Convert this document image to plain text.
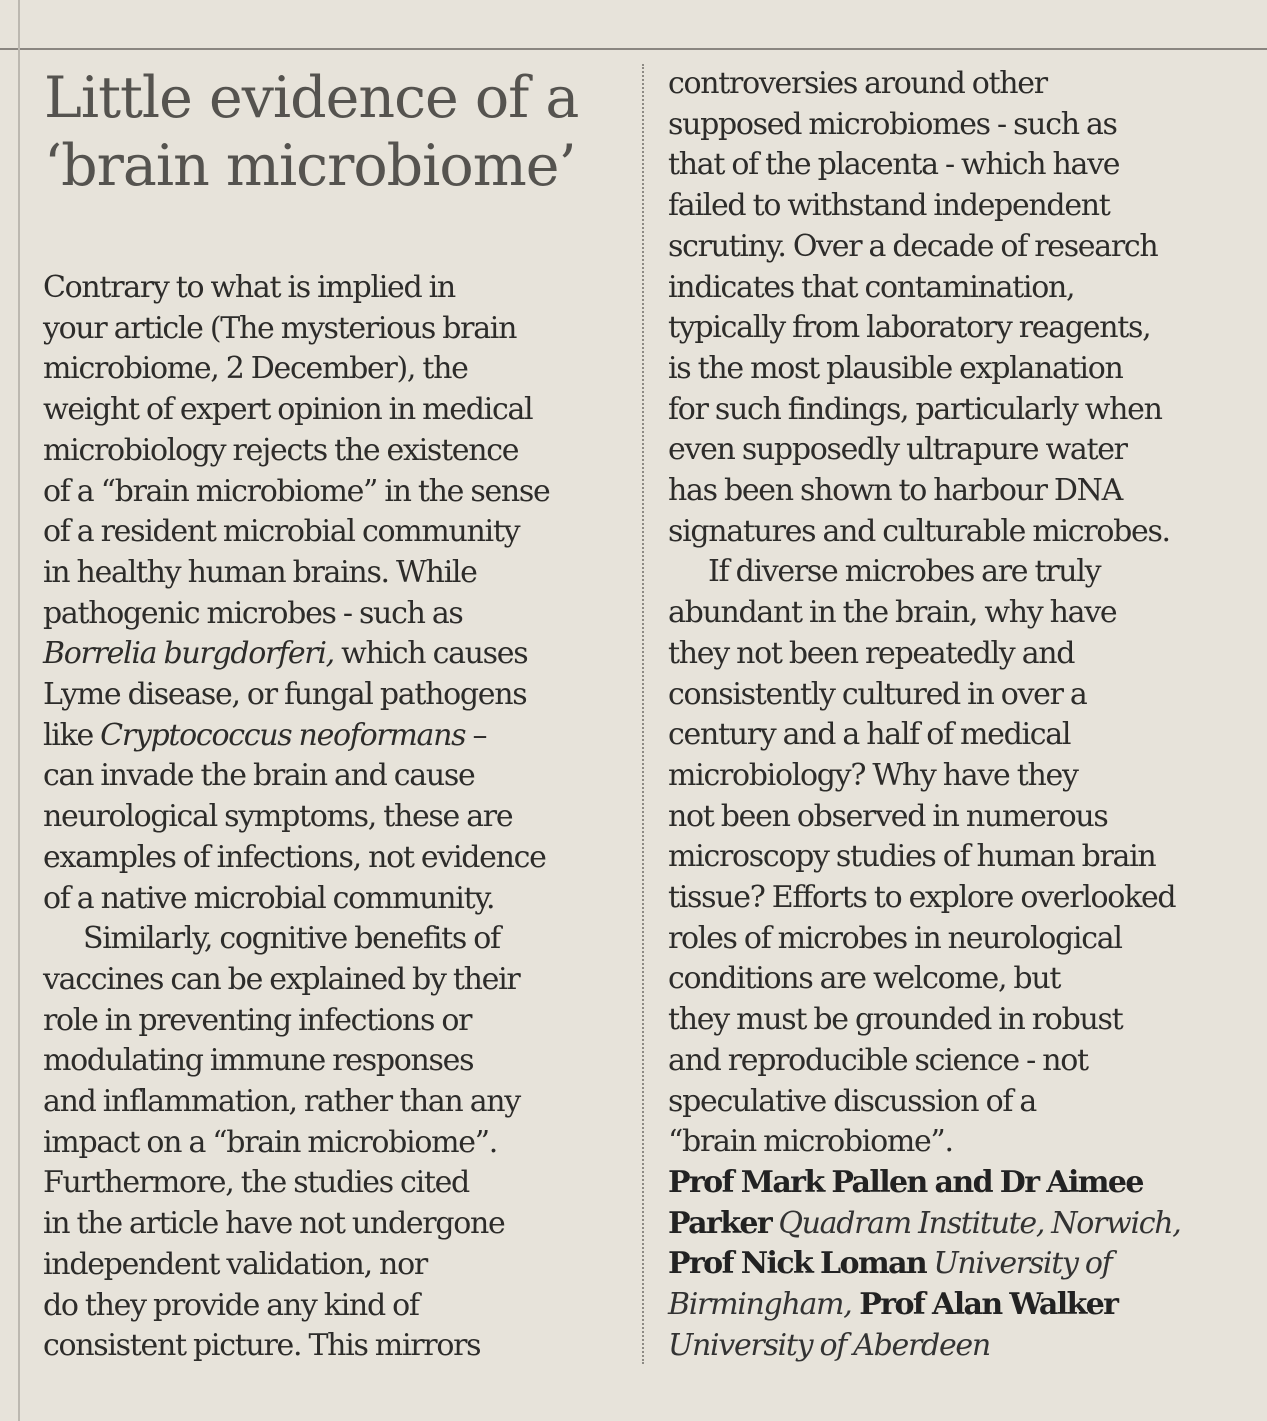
Little evidence of a
‘brain microbiome’
Contrary to what is implied in
your article (The mysterious brain
microbiome, 2 December), the
weight of expert opinion in medical
microbiology rejects the existence
of a “brain microbiome” in the sense
of a resident microbial community
in healthy human brains. While
pathogenic microbes - such as
Borrelia burgdorferi, which causes
Lyme disease, or fungal pathogens
like Cryptococcus neoformans –
can invade the brain and cause
neurological symptoms, these are
examples of infections, not evidence
of a native microbial community.
Similarly, cognitive benefits of
vaccines can be explained by their
role in preventing infections or
modulating immune responses
and inflammation, rather than any
impact on a “brain microbiome”.
Furthermore, the studies cited
in the article have not undergone
independent validation, nor
do they provide any kind of
consistent picture. This mirrors
controversies around other
supposed microbiomes - such as
that of the placenta - which have
failed to withstand independent
scrutiny. Over a decade of research
indicates that contamination,
typically from laboratory reagents,
is the most plausible explanation
for such findings, particularly when
even supposedly ultrapure water
has been shown to harbour DNA
signatures and culturable microbes.
If diverse microbes are truly
abundant in the brain, why have
they not been repeatedly and
consistently cultured in over a
century and a half of medical
microbiology? Why have they
not been observed in numerous
microscopy studies of human brain
tissue? Efforts to explore overlooked
roles of microbes in neurological
conditions are welcome, but
they must be grounded in robust
and reproducible science - not
speculative discussion of a
“brain microbiome”.
Prof Mark Pallen and Dr Aimee
Parker Quadram Institute, Norwich,
Prof Nick Loman University of
Birmingham, Prof Alan Walker
University of Aberdeen
